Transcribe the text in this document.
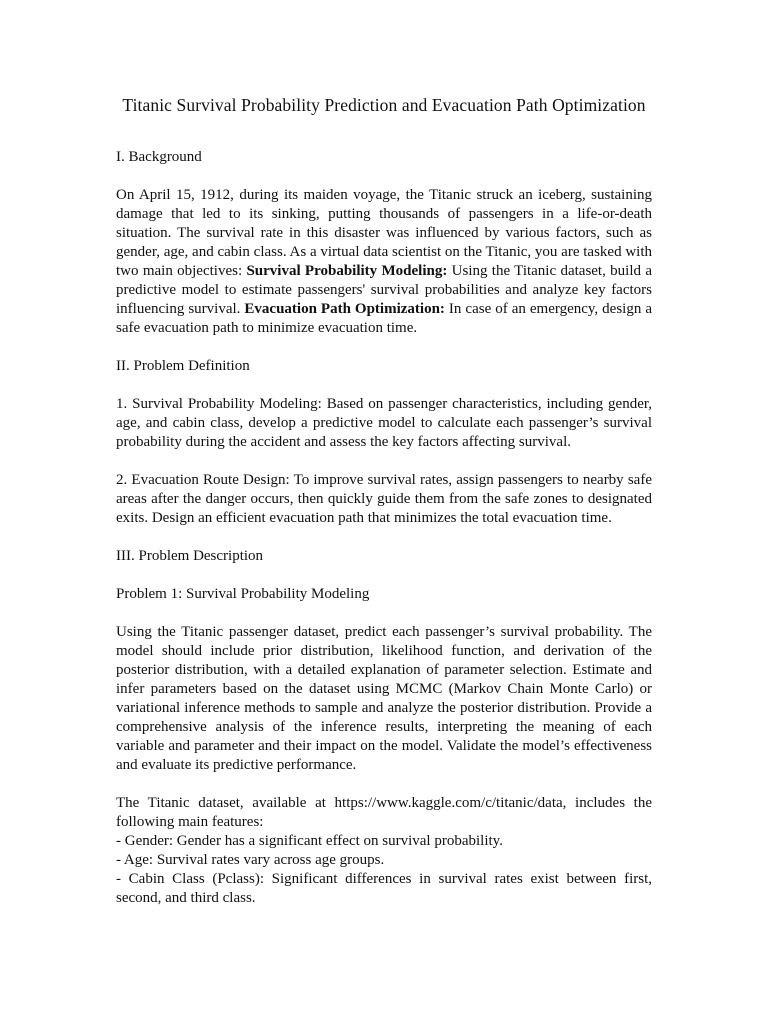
Titanic Survival Probability Prediction and Evacuation Path Optimization
I. Background

On April 15, 1912, during its maiden voyage, the Titanic struck an iceberg, sustaining damage that led to its sinking, putting thousands of passengers in a life-or-death situation. The survival rate in this disaster was influenced by various factors, such as gender, age, and cabin class. As a virtual data scientist on the Titanic, you are tasked with two main objectives: Survival Probability Modeling: Using the Titanic dataset, build a predictive model to estimate passengers' survival probabilities and analyze key factors influencing survival. Evacuation Path Optimization: In case of an emergency, design a safe evacuation path to minimize evacuation time.

II. Problem Definition

1. Survival Probability Modeling: Based on passenger characteristics, including gender, age, and cabin class, develop a predictive model to calculate each passenger’s survival probability during the accident and assess the key factors affecting survival.

2. Evacuation Route Design: To improve survival rates, assign passengers to nearby safe areas after the danger occurs, then quickly guide them from the safe zones to designated exits. Design an efficient evacuation path that minimizes the total evacuation time.

III. Problem Description
Problem 1: Survival Probability Modeling

Using the Titanic passenger dataset, predict each passenger’s survival probability. The model should include prior distribution, likelihood function, and derivation of the posterior distribution, with a detailed explanation of parameter selection. Estimate and infer parameters based on the dataset using MCMC (Markov Chain Monte Carlo) or variational inference methods to sample and analyze the posterior distribution. Provide a comprehensive analysis of the inference results, interpreting the meaning of each variable and parameter and their impact on the model. Validate the model’s effectiveness and evaluate its predictive performance.

The Titanic dataset, available at https://www.kaggle.com/c/titanic/data, includes the following main features:

- Gender: Gender has a significant effect on survival probability.

- Age: Survival rates vary across age groups.

- Cabin Class (Pclass): Significant differences in survival rates exist between first, second, and third class.
